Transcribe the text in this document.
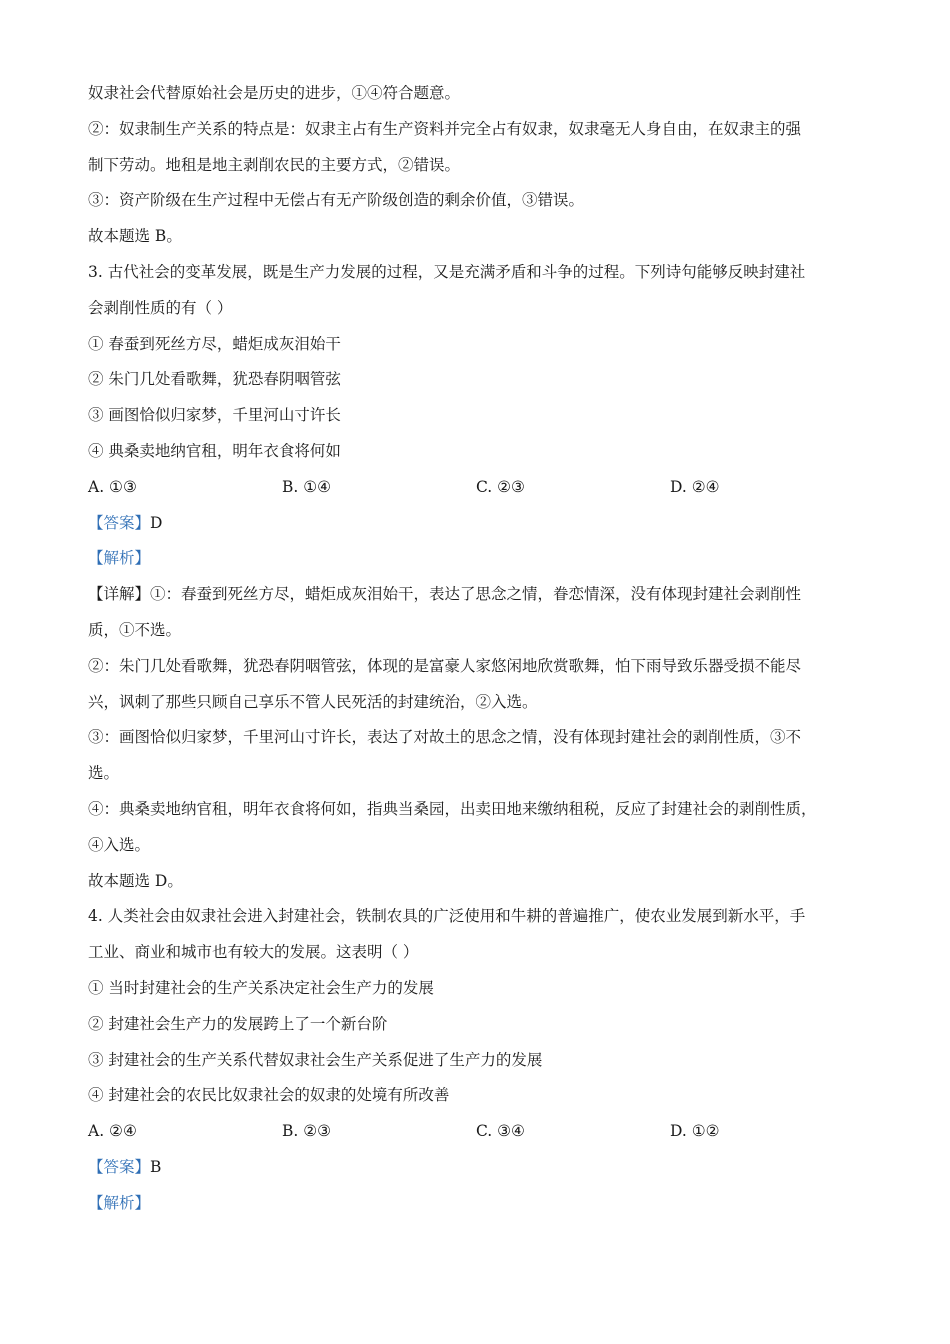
奴隶社会代替原始社会是历史的进步，①④符合题意。
②：奴隶制生产关系的特点是：奴隶主占有生产资料并完全占有奴隶，奴隶毫无人身自由，在奴隶主的强
制下劳动。地租是地主剥削农民的主要方式，②错误。
③：资产阶级在生产过程中无偿占有无产阶级创造的剩余价值，③错误。
故本题选 B。
3. 古代社会的变革发展，既是生产力发展的过程，又是充满矛盾和斗争的过程。下列诗句能够反映封建社
会剥削性质的有（ ）
① 春蚕到死丝方尽，蜡炬成灰泪始干
② 朱门几处看歌舞，犹恐春阴咽管弦
③ 画图恰似归家梦，千里河山寸许长
④ 典桑卖地纳官租，明年衣食将何如
A. ①③	B. ①④	C. ②③	D. ②④
【答案】D
【解析】
【详解】①：春蚕到死丝方尽，蜡炬成灰泪始干，表达了思念之情，眷恋情深，没有体现封建社会剥削性
质，①不选。
②：朱门几处看歌舞，犹恐春阴咽管弦，体现的是富豪人家悠闲地欣赏歌舞，怕下雨导致乐器受损不能尽
兴，讽刺了那些只顾自己享乐不管人民死活的封建统治，②入选。
③：画图恰似归家梦，千里河山寸许长，表达了对故土的思念之情，没有体现封建社会的剥削性质，③不
选。
④：典桑卖地纳官租，明年衣食将何如，指典当桑园，出卖田地来缴纳租税，反应了封建社会的剥削性质，
④入选。
故本题选 D。
4. 人类社会由奴隶社会进入封建社会，铁制农具的广泛使用和牛耕的普遍推广，使农业发展到新水平，手
工业、商业和城市也有较大的发展。这表明（ ）
① 当时封建社会的生产关系决定社会生产力的发展
② 封建社会生产力的发展跨上了一个新台阶
③ 封建社会的生产关系代替奴隶社会生产关系促进了生产力的发展
④ 封建社会的农民比奴隶社会的奴隶的处境有所改善
A. ②④	B. ②③	C. ③④	D. ①②
【答案】B
【解析】
